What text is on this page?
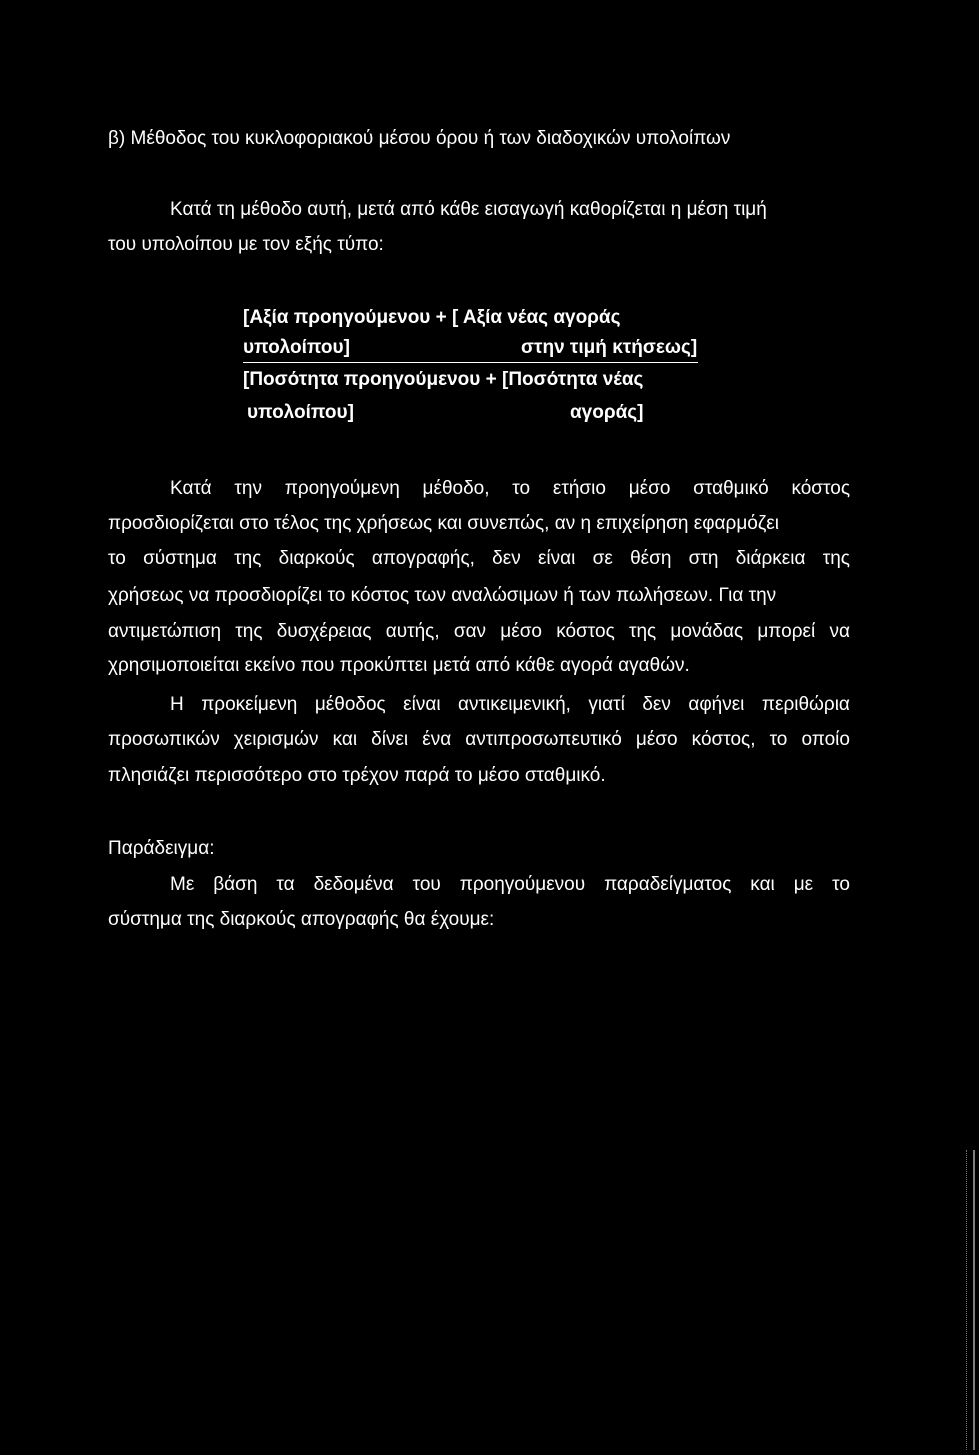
β) Μέθοδος του κυκλοφοριακού μέσου όρου ή των διαδοχικών υπολοίπων
Κατά τη μέθοδο αυτή, μετά από κάθε εισαγωγή καθορίζεται η μέση τιμή
του υπολοίπου με τον εξής τύπο:
[Αξία προηγούμενου + [ Αξία νέας αγοράς
υπολοίπου]	στην τιμή κτήσεως]
[Ποσότητα προηγούμενου + [Ποσότητα νέας
υπολοίπου]	αγοράς]
Κατά την προηγούμενη μέθοδο, το ετήσιο μέσο σταθμικό κόστος
προσδιορίζεται στο τέλος της χρήσεως και συνεπώς, αν η επιχείρηση εφαρμόζει
το σύστημα της διαρκούς απογραφής, δεν είναι σε θέση στη διάρκεια της
χρήσεως να προσδιορίζει το κόστος των αναλώσιμων ή των πωλήσεων. Για την
αντιμετώπιση της δυσχέρειας αυτής, σαν μέσο κόστος της μονάδας μπορεί να
χρησιμοποιείται εκείνο που προκύπτει μετά από κάθε αγορά αγαθών.
Η προκείμενη μέθοδος είναι αντικειμενική, γιατί δεν αφήνει περιθώρια
προσωπικών χειρισμών και δίνει ένα αντιπροσωπευτικό μέσο κόστος, το οποίο
πλησιάζει περισσότερο στο τρέχον παρά το μέσο σταθμικό.
Παράδειγμα:
Με βάση τα δεδομένα του προηγούμενου παραδείγματος και με το
σύστημα της διαρκούς απογραφής θα έχουμε:
